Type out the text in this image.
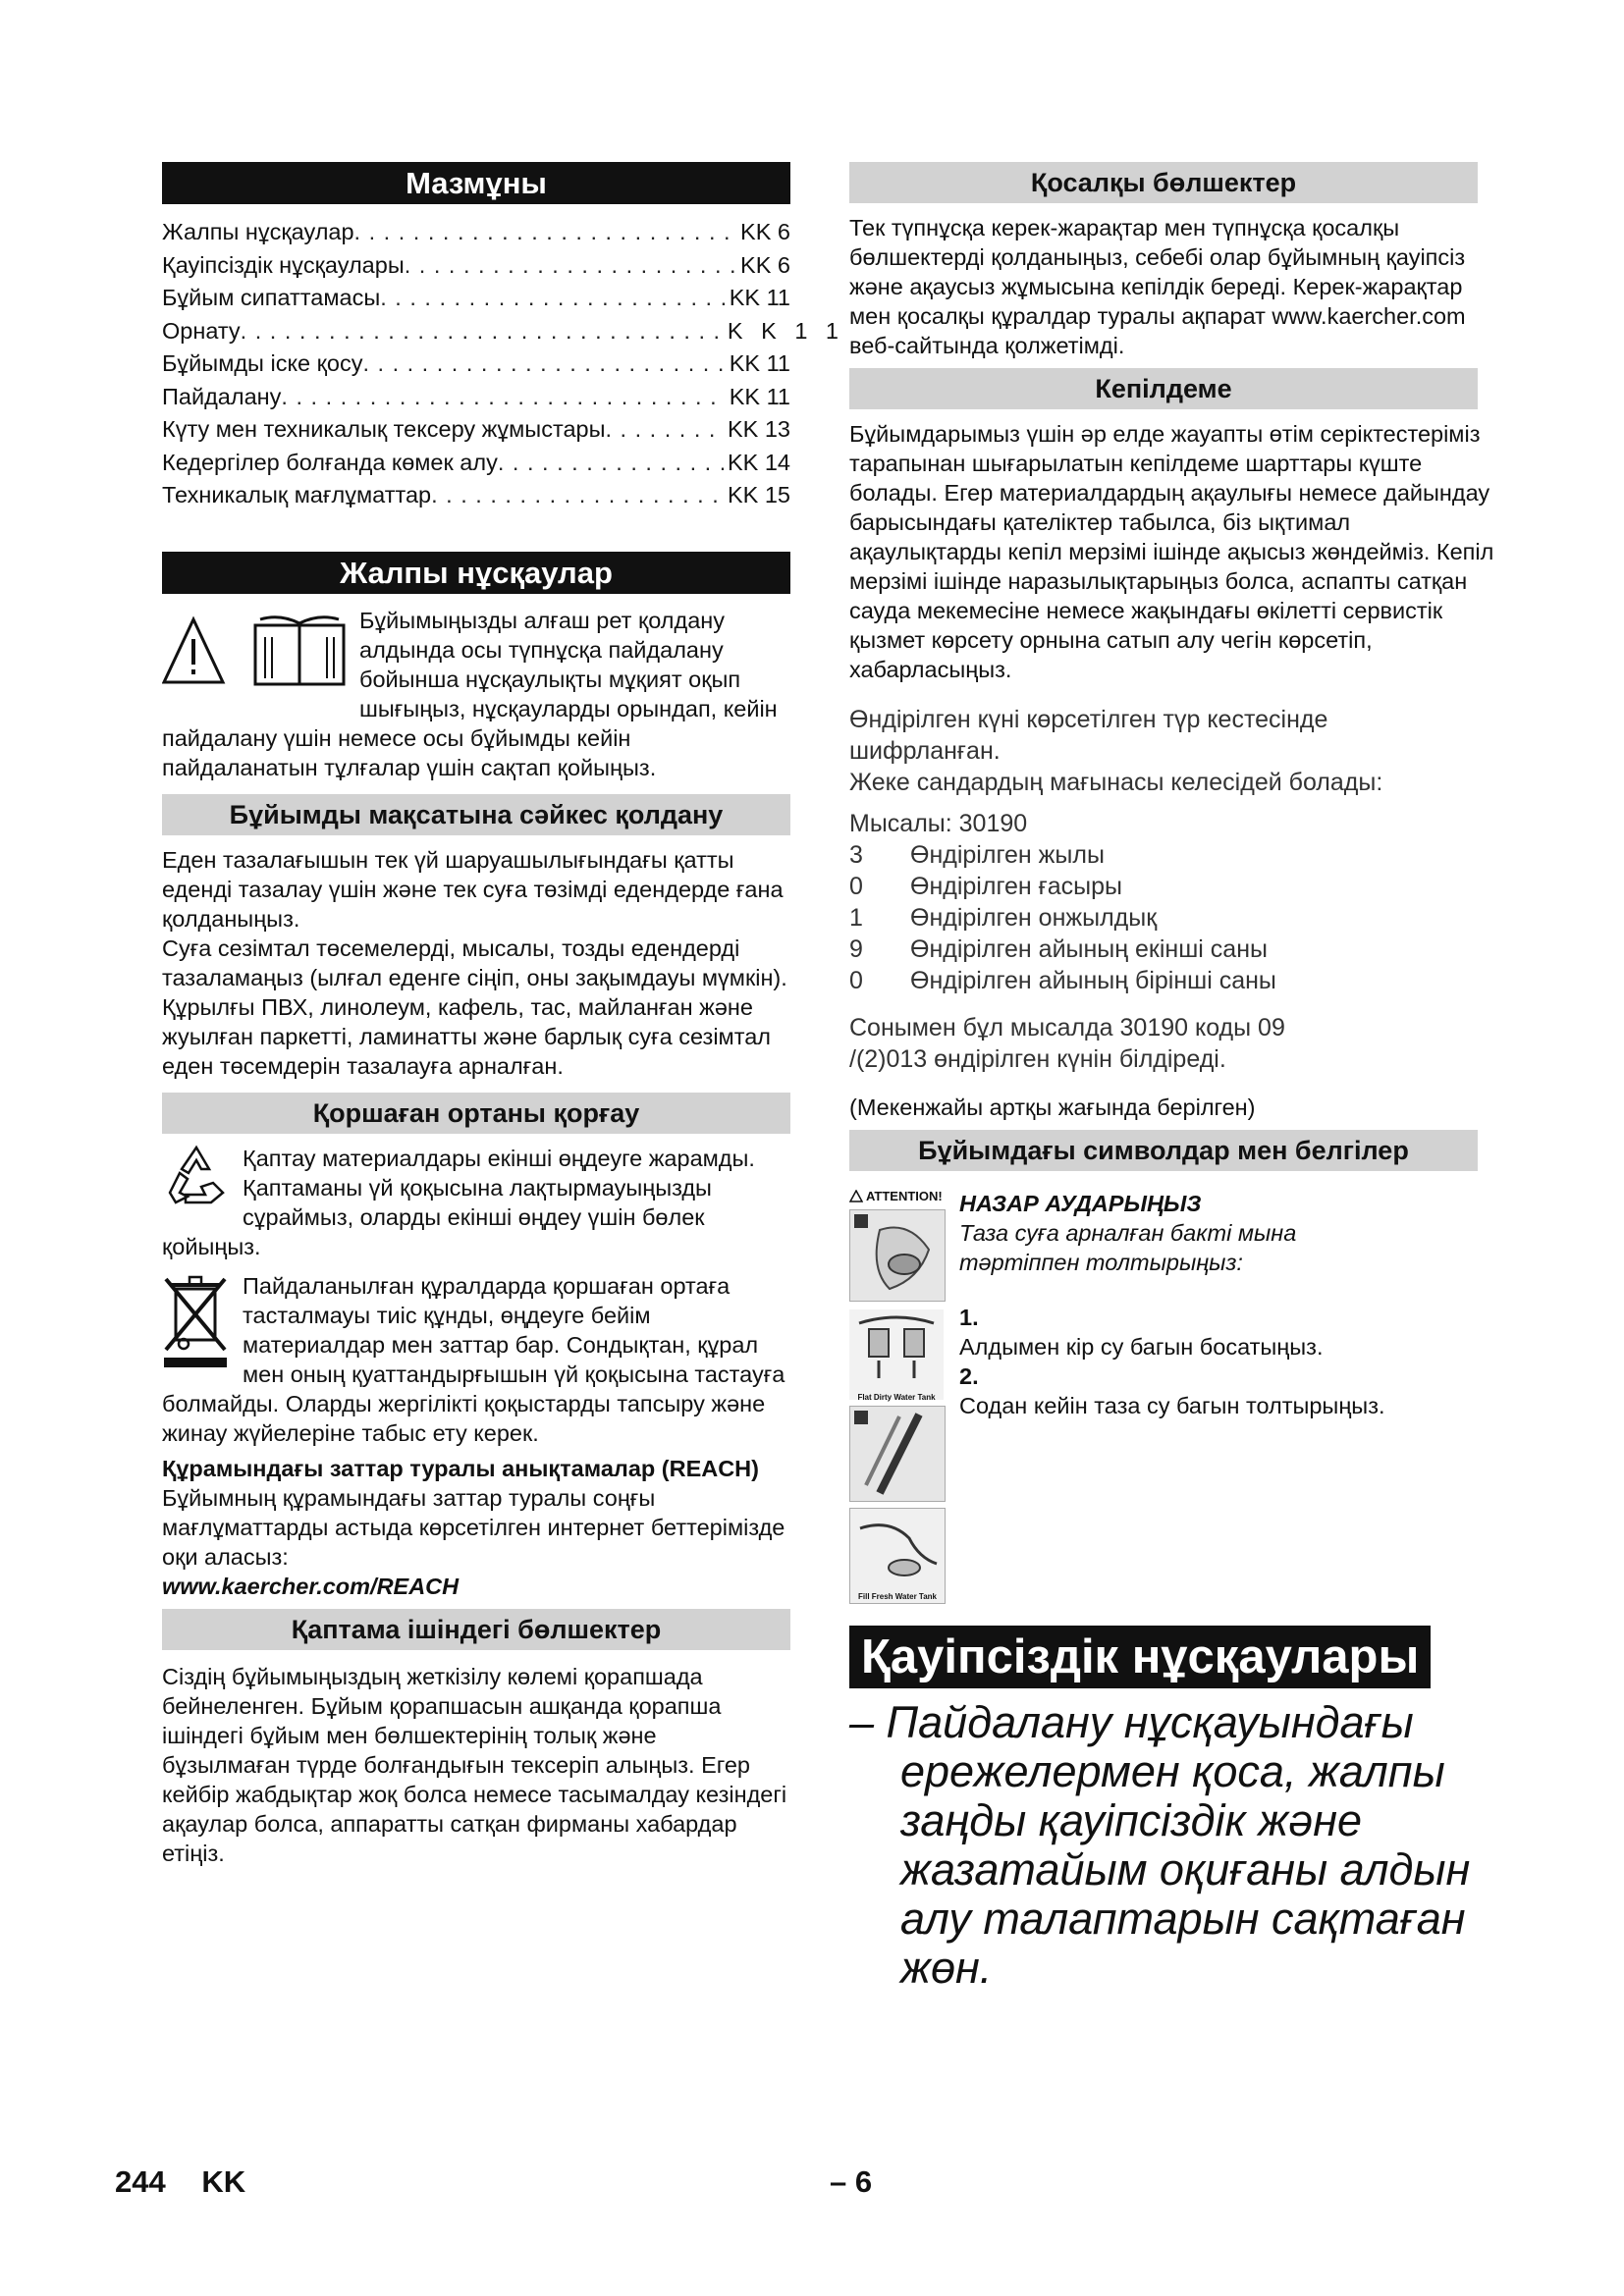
Мазмұны
Жалпы нұсқаулар . . .	KK 6
Қауіпсіздік нұсқаулары . . .	KK 6
Бұйым сипаттамасы . . .	KK 11
Орнату . . .	K K 1 1
Бұйымды іске қосу . . .	KK 11
Пайдалану . . .	KK 11
Күту мен техникалық тексеру жұмыстары . . .	KK 13
Кедергілер болғанда көмек алу . . .	KK 14
Техникалық мағлұматтар . . .	KK 15
Жалпы нұсқаулар

Бұйымыңызды алғаш рет қолдану алдында осы түпнұсқа пайдалану бойынша нұсқаулықты мұқият оқып шығыңыз, нұсқауларды орындап, кейін пайдалану үшін немесе осы бұйымды кейін пайдаланатын тұлғалар үшін сақтап қойыңыз.

Бұйымды мақсатына сәйкес қолдану

Еден тазалағышын тек үй шаруашылығындағы қатты еденді тазалау үшін және тек суға төзімді едендерде ғана қолданыңыз.

Суға сезімтал төсемелерді, мысалы, тозды едендерді тазаламаңыз (ылғал еденге сіңіп, оны зақымдауы мүмкін).

Құрылғы ПВХ, линолеум, кафель, тас, майланған және жуылған паркетті, ламинатты және барлық суға сезімтал еден төсемдерін тазалауға арналған.

Қоршаған ортаны қорғау

Қаптау материалдары екінші өңдеуге жарамды. Қаптаманы үй қоқысына лақтырмауыңызды сұраймыз, оларды екінші өңдеу үшін бөлек қойыңыз.

Пайдаланылған құралдарда қоршаған ортаға тасталмауы тиіс құнды, өңдеуге бейім материалдар мен заттар бар. Сондықтан, құрал мен оның қуаттандырғышын үй қоқысына тастауға болмайды. Оларды жергілікті қоқыстарды тапсыру және жинау жүйелеріне табыс ету керек.

Құрамындағы заттар туралы анықтамалар (REACH)

Бұйымның құрамындағы заттар туралы соңғы мағлұматтарды астыда көрсетілген интернет беттерімізде оқи аласыз:

www.kaercher.com/REACH

Қаптама ішіндегі бөлшектер

Сіздің бұйымыңыздың жеткізілу көлемі қорапшада бейнеленген. Бұйым қорапшасын ашқанда қорапша ішіндегі бұйым мен бөлшектерінің толық және бұзылмаған түрде болғандығын тексеріп алыңыз. Егер кейбір жабдықтар жоқ болса немесе тасымалдау кезіндегі ақаулар болса, аппаратты сатқан фирманы хабардар етіңіз.

Қосалқы бөлшектер

Тек түпнұсқа керек-жарақтар мен түпнұсқа қосалқы бөлшектерді қолданыңыз, себебі олар бұйымның қауіпсіз және ақаусыз жұмысына кепілдік береді. Керек-жарақтар мен қосалқы құралдар туралы ақпарат www.kaercher.com веб-сайтында қолжетімді.

Кепілдеме

Бұйымдарымыз үшін әр елде жауапты өтім серіктестеріміз тарапынан шығарылатын кепілдеме шарттары күште болады. Егер материалдардың ақаулығы немесе дайындау барысындағы қателіктер табылса, біз ықтимал ақаулықтарды кепіл мерзімі ішінде ақысыз жөндейміз. Кепіл мерзімі ішінде наразылықтарыңыз болса, аспапты сатқан сауда мекемесіне немесе жақындағы өкілетті сервистік қызмет көрсету орнына сатып алу чегін көрсетіп, хабарласыңыз.

Өндірілген күні көрсетілген түр кестесінде шифрланған.

Жеке сандардың мағынасы келесідей болады:

Мысалы: 30190

3	Өндірілген жылы
0	Өндірілген ғасыры
1	Өндірілген онжылдық
9	Өндірілген айының екінші саны
0	Өндірілген айының бірінші саны

Сонымен бұл мысалда 30190 коды 09 /(2)013 өндірілген күнін білдіреді.

(Мекенжайы артқы жағында берілген)

Бұйымдағы символдар мен белгілер
ATTENTION!
Flat Dirty Water Tank
Fill Fresh Water Tank

НАЗАР АУДАРЫҢЫЗ

Таза суға арналған бакті мына тәртіппен толтырыңыз:

1.

Алдымен кір су багын босатыңыз.

2.

Содан кейін таза су багын толтырыңыз.

Қауіпсіздік нұсқаулары

– Пайдалану нұсқауындағы ережелермен қоса, жалпы заңды қауіпсіздік және жазатайым оқиғаны алдын алу талаптарын сақтаған жөн.

244 KK	– 6
